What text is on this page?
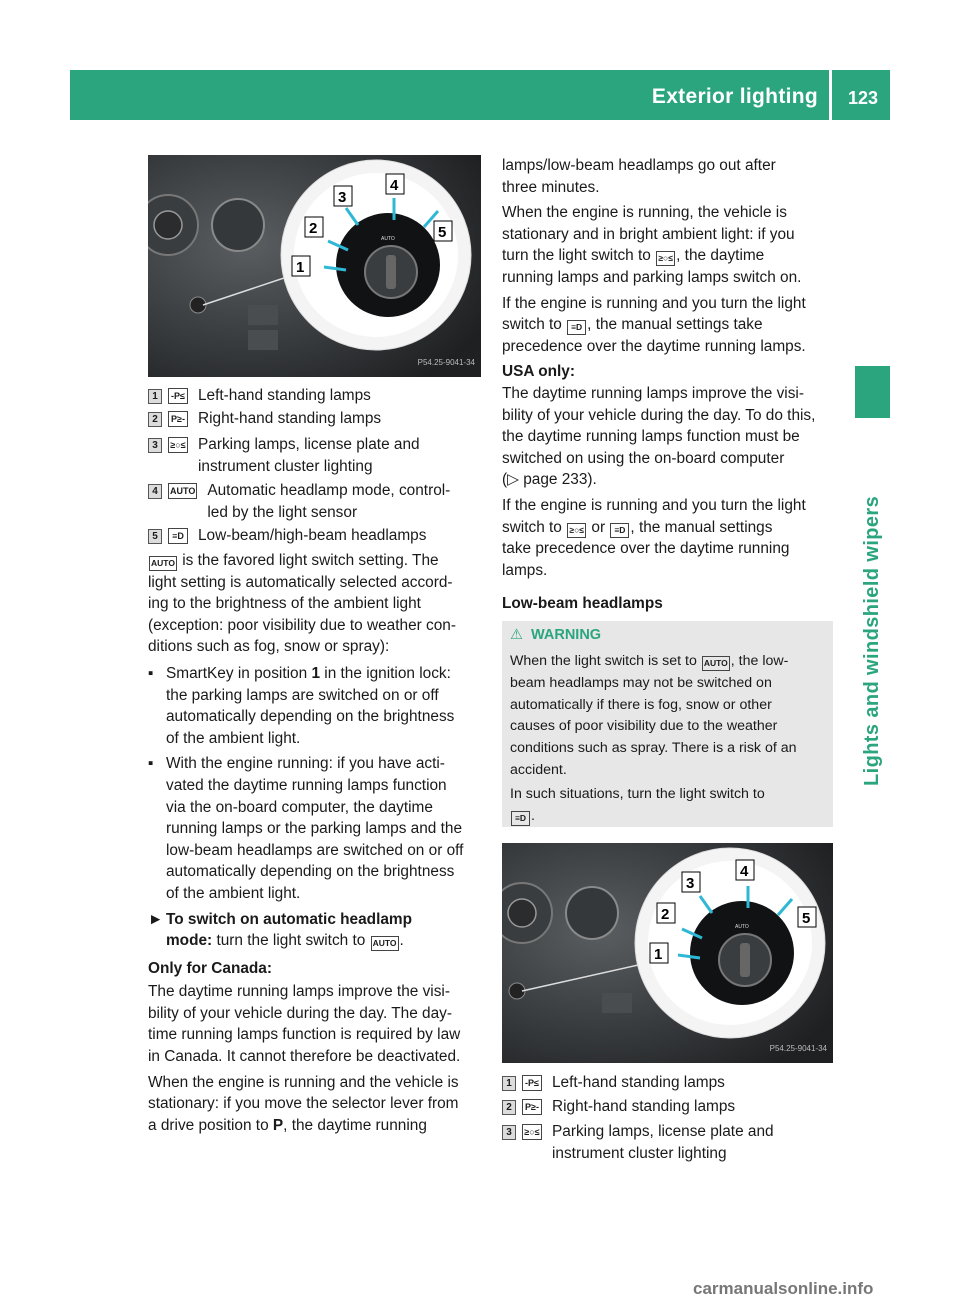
Exterior lighting 123
Lights and windshield wipers
AUTO
3
4
2	5
1
P54.25-9041-34
1	-P≤ Left-hand standing lamps
2	P≥- Right-hand standing lamps
3	≥○≤ Parking lamps, license plate and
instrument cluster lighting
4	AUTO Automatic headlamp mode, control-
led by the light sensor
5	≡D Low-beam/high-beam headlamps

AUTO is the favored light switch setting. The

light setting is automatically selected accord-

ing to the brightness of the ambient light

(exception: poor visibility due to weather con-

ditions such as fog, snow or spray):

▪ SmartKey in position 1 in the ignition lock:

the parking lamps are switched on or off

automatically depending on the brightness

of the ambient light.

▪ With the engine running: if you have acti-

vated the daytime running lamps function

via the on-board computer, the daytime

running lamps or the parking lamps and the

low-beam headlamps are switched on or off

automatically depending on the brightness

of the ambient light.

► To switch on automatic headlamp

mode: turn the light switch to AUTO .

Only for Canada:

The daytime running lamps improve the visi-

bility of your vehicle during the day. The day-

time running lamps function is required by law

in Canada. It cannot therefore be deactivated.

When the engine is running and the vehicle is

stationary: if you move the selector lever from

a drive position to P, the daytime running

lamps/low-beam headlamps go out after

three minutes.

When the engine is running, the vehicle is

stationary and in bright ambient light: if you

turn the light switch to ≥○≤ , the daytime

running lamps and parking lamps switch on.

If the engine is running and you turn the light

switch to ≡D , the manual settings take

precedence over the daytime running lamps.

USA only:

The daytime running lamps improve the visi-

bility of your vehicle during the day. To do this,

the daytime running lamps function must be

switched on using the on-board computer

(▷ page 233).

If the engine is running and you turn the light

switch to ≥○≤ or ≡D , the manual settings

take precedence over the daytime running

lamps.

Low-beam headlamps

⚠ WARNING

When the light switch is set to AUTO , the low-

beam headlamps may not be switched on

automatically if there is fog, snow or other

causes of poor visibility due to the weather

conditions such as spray. There is a risk of an

accident.

In such situations, turn the light switch to

≡D .

AUTO
3
4
2	5
1
P54.25-9041-34
1	-P≤ Left-hand standing lamps
2	P≥- Right-hand standing lamps
3	≥○≤ Parking lamps, license plate and
instrument cluster lighting
carmanualsonline.info
